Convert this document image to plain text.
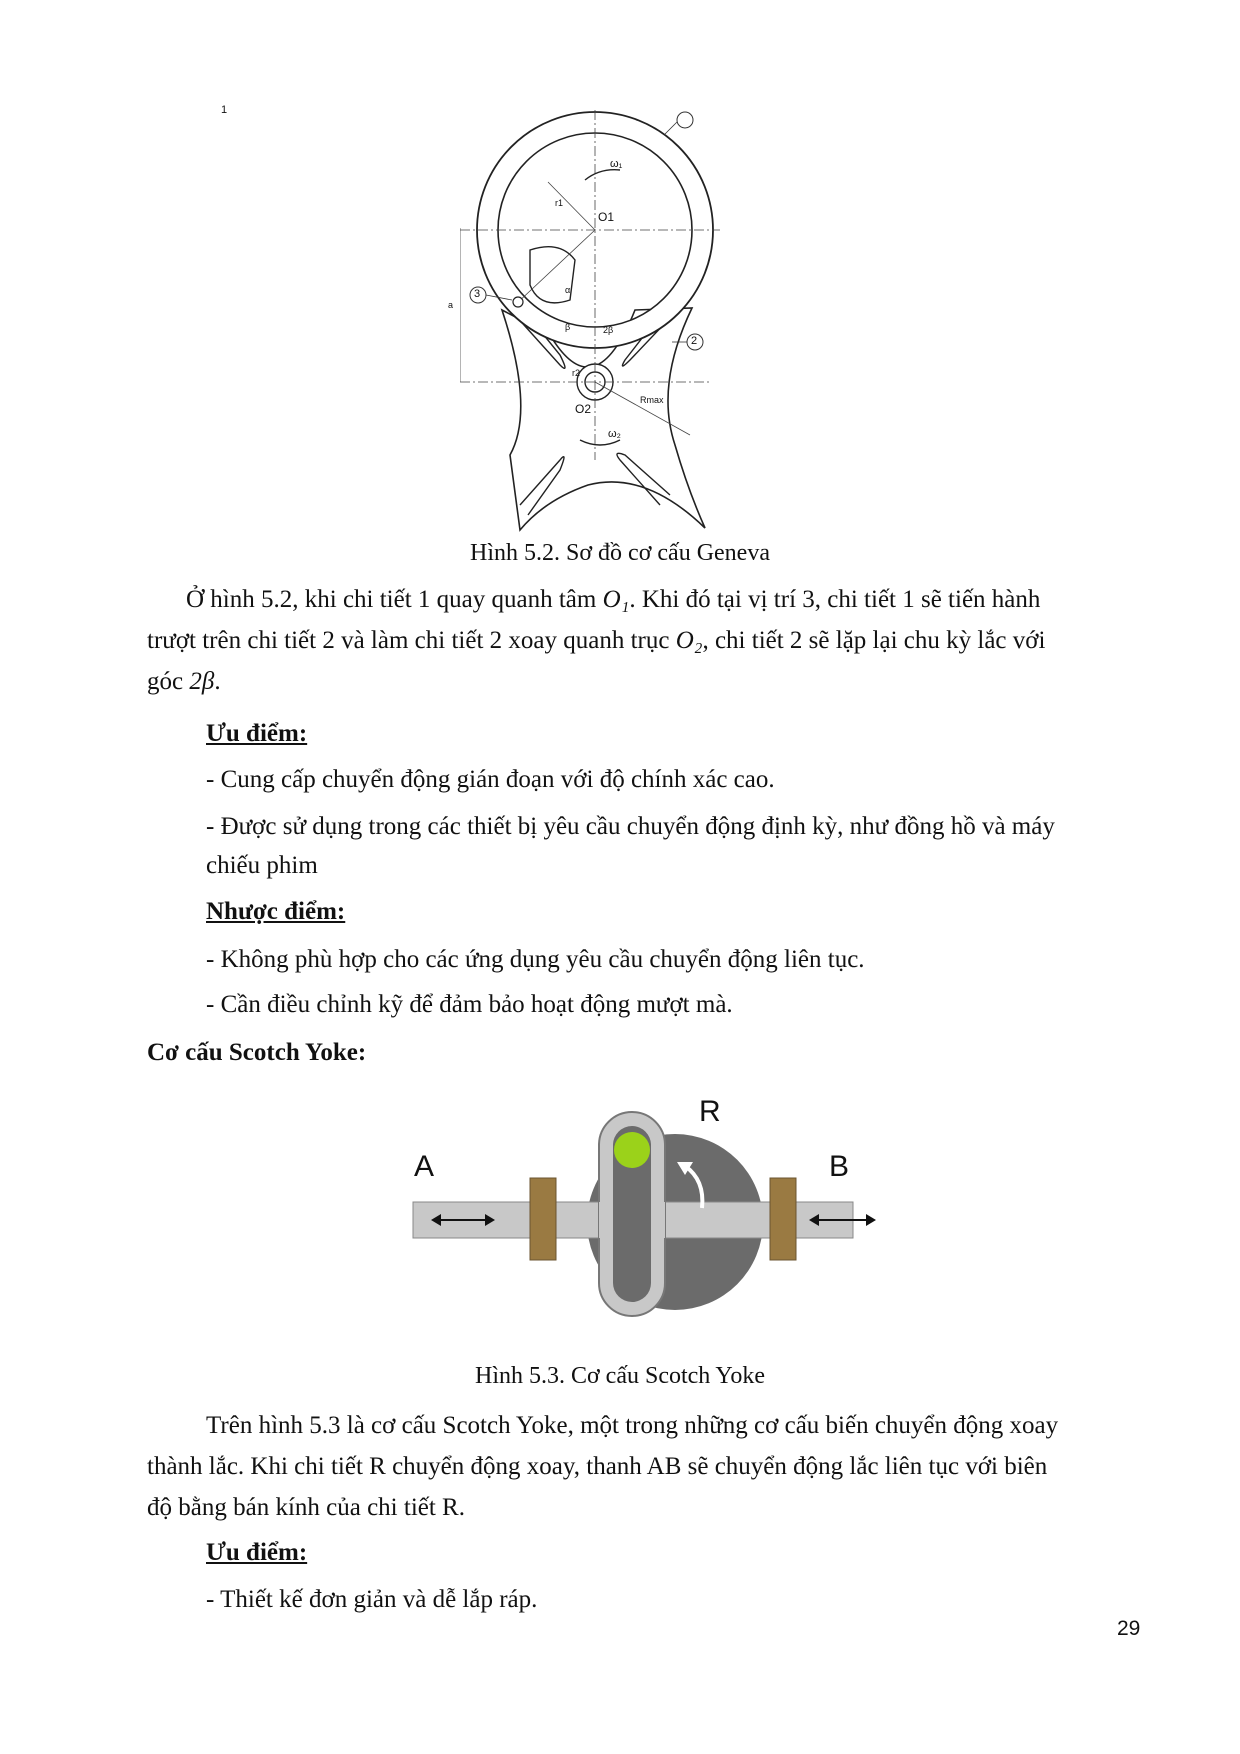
1
2
3
ω₁
ω₂
O1
O2
r1
r2
a
α
β	2β
Rmax
Hình 5.2. Sơ đồ cơ cấu Geneva
Ở hình 5.2, khi chi tiết 1 quay quanh tâm O₁. Khi đó tại vị trí 3, chi tiết 1 sẽ tiến hành
trượt trên chi tiết 2 và làm chi tiết 2 xoay quanh trục O₂, chi tiết 2 sẽ lặp lại chu kỳ lắc với
góc 2β.
Ưu điểm:
- Cung cấp chuyển động gián đoạn với độ chính xác cao.
- Được sử dụng trong các thiết bị yêu cầu chuyển động định kỳ, như đồng hồ và máy
chiếu phim
Nhược điểm:
- Không phù hợp cho các ứng dụng yêu cầu chuyển động liên tục.
- Cần điều chỉnh kỹ để đảm bảo hoạt động mượt mà.
Cơ cấu Scotch Yoke:
A	B
R
Hình 5.3. Cơ cấu Scotch Yoke
Trên hình 5.3 là cơ cấu Scotch Yoke, một trong những cơ cấu biến chuyển động xoay
thành lắc. Khi chi tiết R chuyển động xoay, thanh AB sẽ chuyển động lắc liên tục với biên
độ bằng bán kính của chi tiết R.
Ưu điểm:
- Thiết kế đơn giản và dễ lắp ráp.
29
